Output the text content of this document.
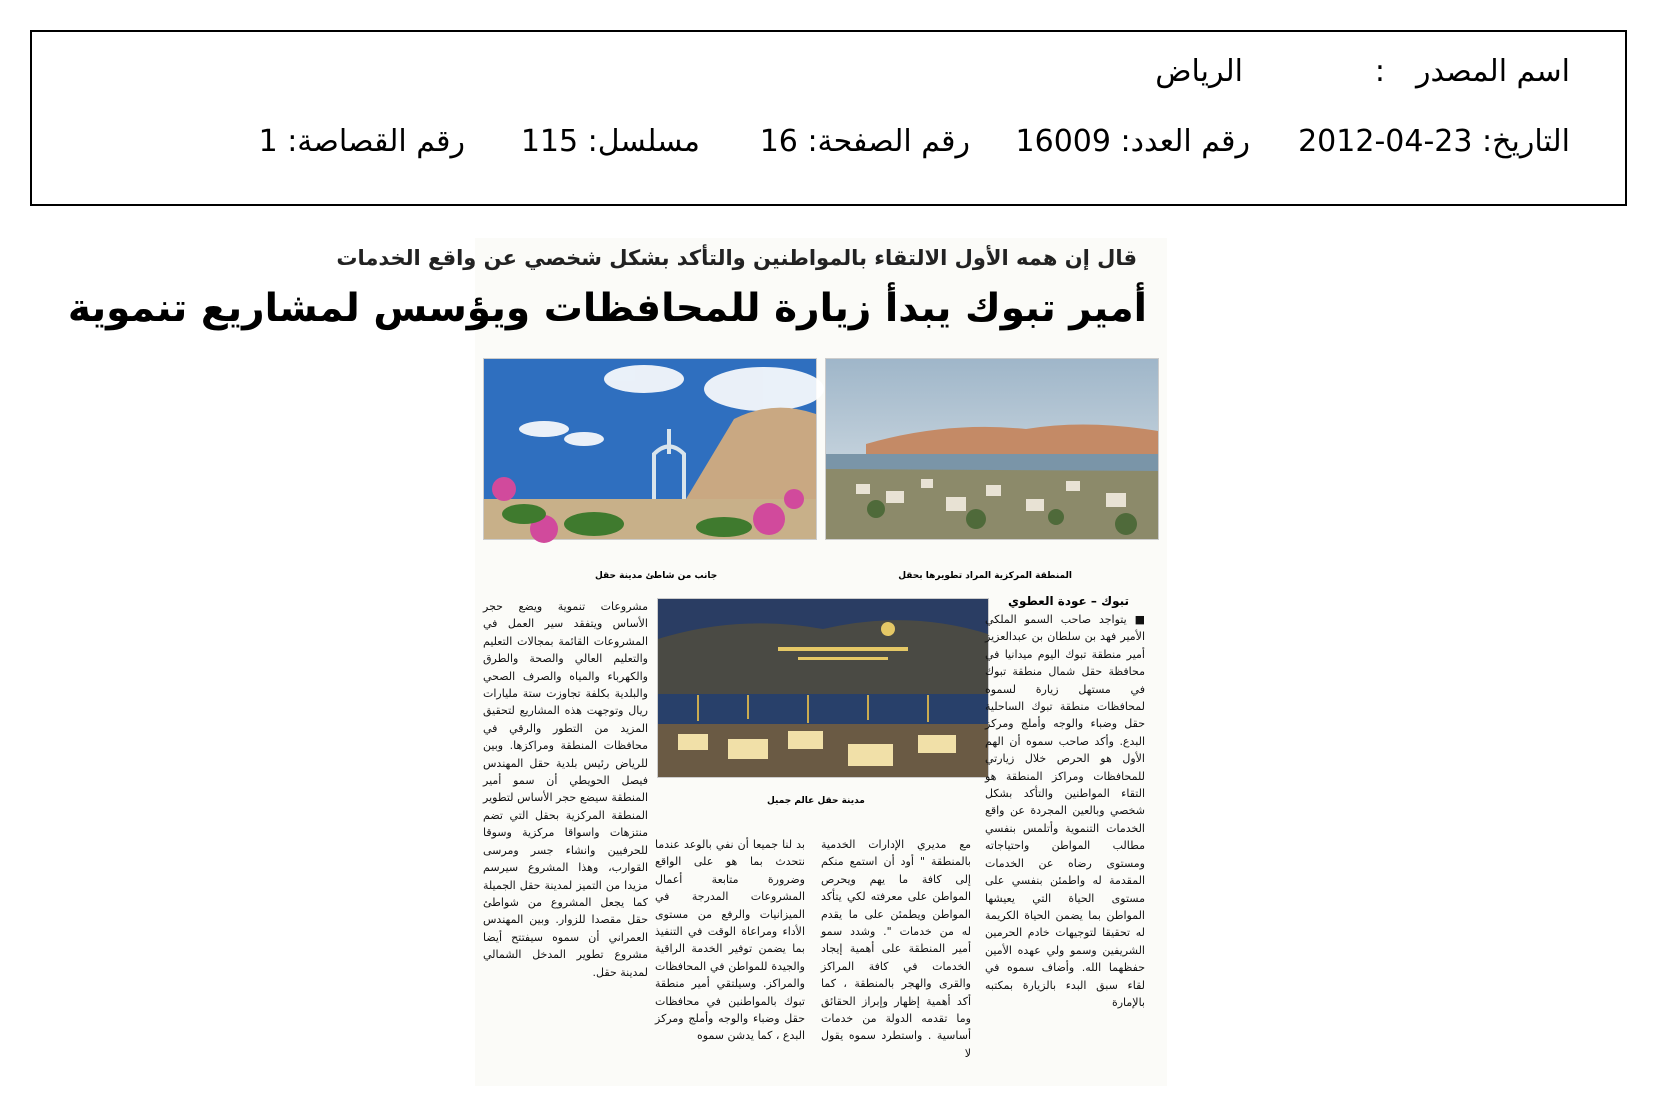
اسم المصدر
:
الرياض
التاريخ: 23-04-2012
رقم العدد: 16009
رقم الصفحة: 16
مسلسل: 115
رقم القصاصة: 1
قال إن همه الأول الالتقاء بالمواطنين والتأكد بشكل شخصي عن واقع الخدمات
أمير تبوك يبدأ زيارة للمحافظات ويؤسس لمشاريع تنموية
المنطقة المركزية المراد تطويرها بحقل
جانب من شاطئ مدينة حقل
تبوك – عودة العطوي
مدينة حقل عالم جميل

■ يتواجد صاحب السمو الملكي الأمير فهد بن سلطان بن عبدالعزيز أمير منطقة تبوك اليوم ميدانيا في محافظة حقل شمال منطقة تبوك في مستهل زيارة لسموه لمحافظات منطقة تبوك الساحلية حقل وضباء والوجه وأملج ومركز البدع. وأكد صاحب سموه أن الهم الأول هو الحرص خلال زيارتي للمحافظات ومراكز المنطقة هو التقاء المواطنين والتأكد بشكل شخصي وبالعين المجردة عن واقع الخدمات التنموية وأتلمس بنفسي مطالب المواطن واحتياجاته ومستوى رضاه عن الخدمات المقدمة له واطمئن بنفسي على مستوى الحياة التي يعيشها المواطن بما يضمن الحياة الكريمة له تحقيقا لتوجيهات خادم الحرمين الشريفين وسمو ولي عهده الأمين حفظهما الله. وأضاف سموه في لقاء سبق البدء بالزيارة بمكتبه بالإمارة

مع مديري الإدارات الخدمية بالمنطقة " أود أن استمع منكم إلى كافة ما يهم ويحرص المواطن على معرفته لكي يتأكد المواطن ويطمئن على ما يقدم له من خدمات ". وشدد سمو أمير المنطقة على أهمية إيجاد الخدمات في كافة المراكز والقرى والهجر بالمنطقة ، كما أكد أهمية إظهار وإبراز الحقائق وما تقدمه الدولة من خدمات أساسية . واستطرد سموه يقول لا

بد لنا جميعا أن نفي بالوعد عندما نتحدث بما هو على الواقع وضرورة متابعة أعمال المشروعات المدرجة في الميزانيات والرفع من مستوى الأداء ومراعاة الوقت في التنفيذ بما يضمن توفير الخدمة الراقية والجيدة للمواطن في المحافظات والمراكز. وسيلتقي أمير منطقة تبوك بالمواطنين في محافظات حقل وضباء والوجه وأملج ومركز البدع ، كما يدشن سموه

مشروعات تنموية ويضع حجر الأساس ويتفقد سير العمل في المشروعات القائمة بمجالات التعليم والتعليم العالي والصحة والطرق والكهرباء والمياه والصرف الصحي والبلدية بكلفة تجاوزت ستة مليارات ريال وتوجهت هذه المشاريع لتحقيق المزيد من التطور والرقي في محافظات المنطقة ومراكزها. وبين للرياض رئيس بلدية حقل المهندس فيصل الحويطي أن سمو أمير المنطقة سيضع حجر الأساس لتطوير المنطقة المركزية بحقل التي تضم منتزهات واسواقا مركزية وسوقا للحرفيين وانشاء جسر ومرسى القوارب، وهذا المشروع سيرسم مزيدا من التميز لمدينة حقل الجميلة كما يجعل المشروع من شواطئ حقل مقصدا للزوار. وبين المهندس العمراني أن سموه سيفتتح أيضا مشروع تطوير المدخل الشمالي لمدينة حقل.
